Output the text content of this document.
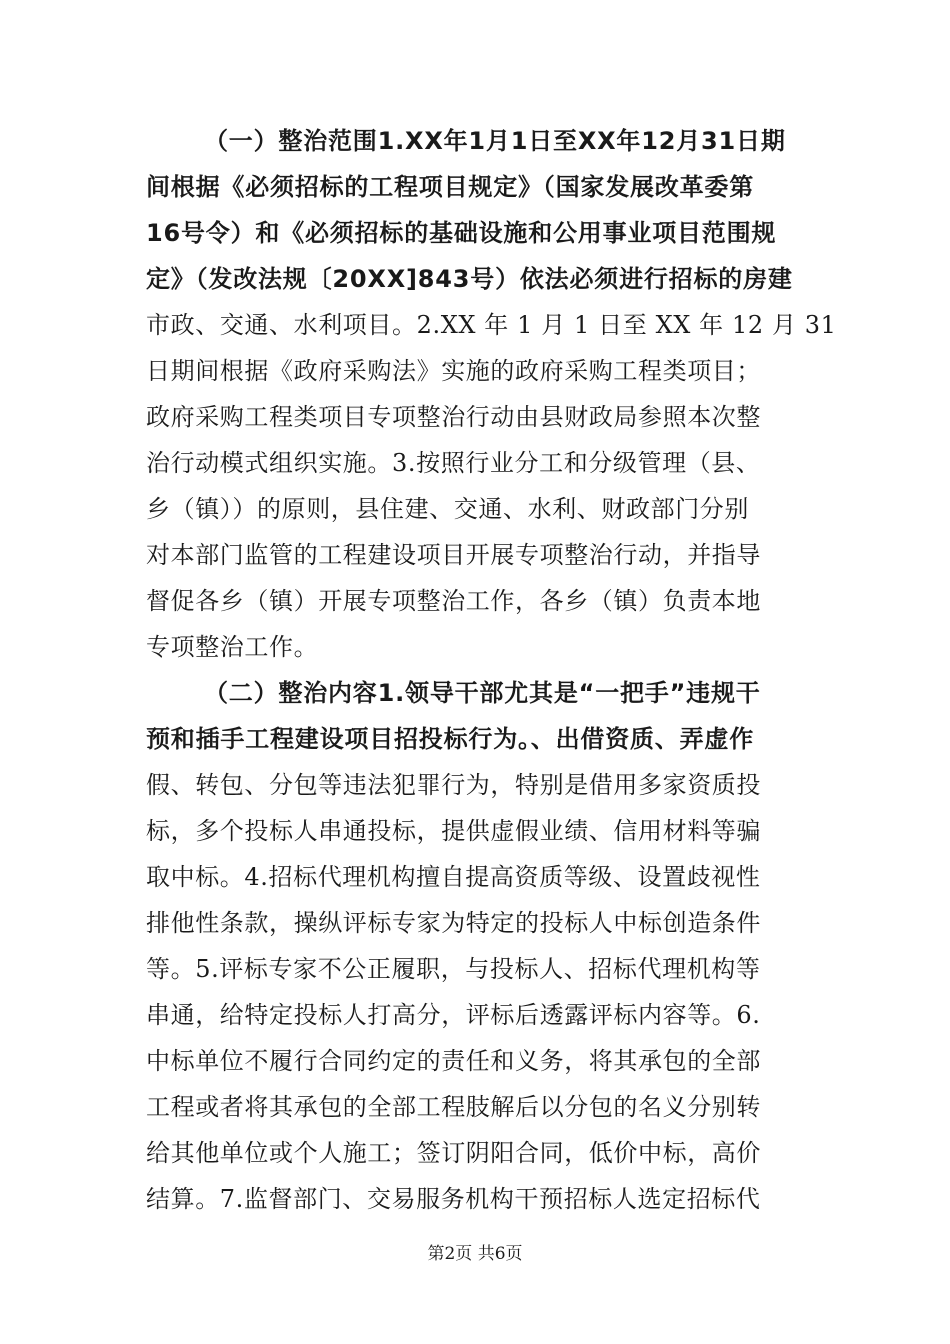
（一）整治范围1.XX年1月1日至XX年12月31日期
间根据《必须招标的工程项目规定》（国家发展改革委第
16号令）和《必须招标的基础设施和公用事业项目范围规
定》（发改法规〔20XX]843号）依法必须进行招标的房建
市政、交通、水利项目。2.XX 年 1 月 1 日至 XX 年 12 月 31
日期间根据《政府采购法》实施的政府采购工程类项目；
政府采购工程类项目专项整治行动由县财政局参照本次整
治行动模式组织实施。3.按照行业分工和分级管理（县、
乡（镇））的原则，县住建、交通、水利、财政部门分别
对本部门监管的工程建设项目开展专项整治行动，并指导
督促各乡（镇）开展专项整治工作，各乡（镇）负责本地
专项整治工作。
（二）整治内容1.领导干部尤其是“一把手”违规干
预和插手工程建设项目招投标行为。、出借资质、弄虚作
假、转包、分包等违法犯罪行为，特别是借用多家资质投
标，多个投标人串通投标，提供虚假业绩、信用材料等骗
取中标。4.招标代理机构擅自提高资质等级、设置歧视性
排他性条款，操纵评标专家为特定的投标人中标创造条件
等。5.评标专家不公正履职，与投标人、招标代理机构等
串通，给特定投标人打高分，评标后透露评标内容等。6.
中标单位不履行合同约定的责任和义务，将其承包的全部
工程或者将其承包的全部工程肢解后以分包的名义分别转
给其他单位或个人施工；签订阴阳合同，低价中标，高价
结算。7.监督部门、交易服务机构干预招标人选定招标代
第2页 共6页
